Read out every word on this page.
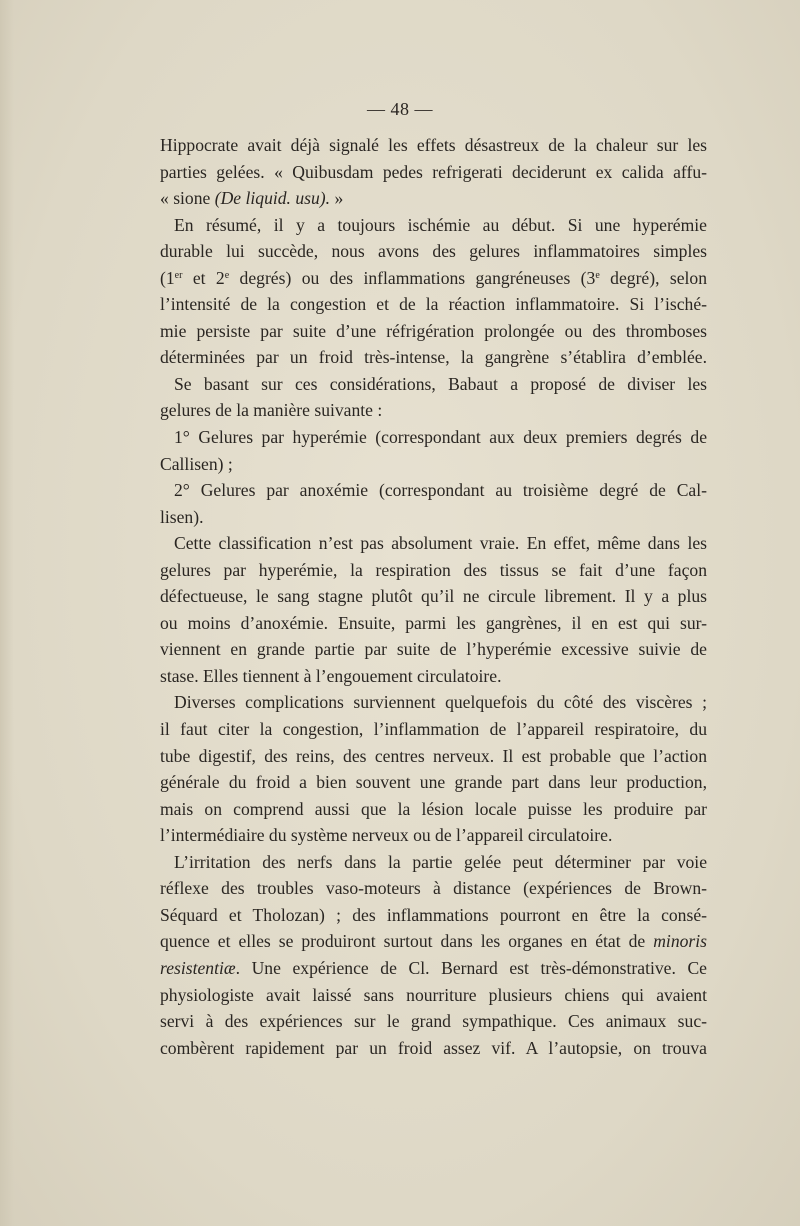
— 48 —
Hippocrate avait déjà signalé les effets désastreux de la chaleur sur les
parties gelées. « Quibusdam pedes refrigerati deciderunt ex calida affu-
« sione (De liquid. usu). »
En résumé, il y a toujours ischémie au début. Si une hyperémie
durable lui succède, nous avons des gelures inflammatoires simples
(1er et 2e degrés) ou des inflammations gangréneuses (3e degré), selon
l’intensité de la congestion et de la réaction inflammatoire. Si l’isché-
mie persiste par suite d’une réfrigération prolongée ou des thromboses
déterminées par un froid très-intense, la gangrène s’établira d’emblée.
Se basant sur ces considérations, Babaut a proposé de diviser les
gelures de la manière suivante :
1° Gelures par hyperémie (correspondant aux deux premiers degrés de
Callisen) ;
2° Gelures par anoxémie (correspondant au troisième degré de Cal-
lisen).
Cette classification n’est pas absolument vraie. En effet, même dans les
gelures par hyperémie, la respiration des tissus se fait d’une façon
défectueuse, le sang stagne plutôt qu’il ne circule librement. Il y a plus
ou moins d’anoxémie. Ensuite, parmi les gangrènes, il en est qui sur-
viennent en grande partie par suite de l’hyperémie excessive suivie de
stase. Elles tiennent à l’engouement circulatoire.
Diverses complications surviennent quelquefois du côté des viscères ;
il faut citer la congestion, l’inflammation de l’appareil respiratoire, du
tube digestif, des reins, des centres nerveux. Il est probable que l’action
générale du froid a bien souvent une grande part dans leur production,
mais on comprend aussi que la lésion locale puisse les produire par
l’intermédiaire du système nerveux ou de l’appareil circulatoire.
L’irritation des nerfs dans la partie gelée peut déterminer par voie
réflexe des troubles vaso-moteurs à distance (expériences de Brown-
Séquard et Tholozan) ; des inflammations pourront en être la consé-
quence et elles se produiront surtout dans les organes en état de minoris
resistentiæ. Une expérience de Cl. Bernard est très-démonstrative. Ce
physiologiste avait laissé sans nourriture plusieurs chiens qui avaient
servi à des expériences sur le grand sympathique. Ces animaux suc-
combèrent rapidement par un froid assez vif. A l’autopsie, on trouva
